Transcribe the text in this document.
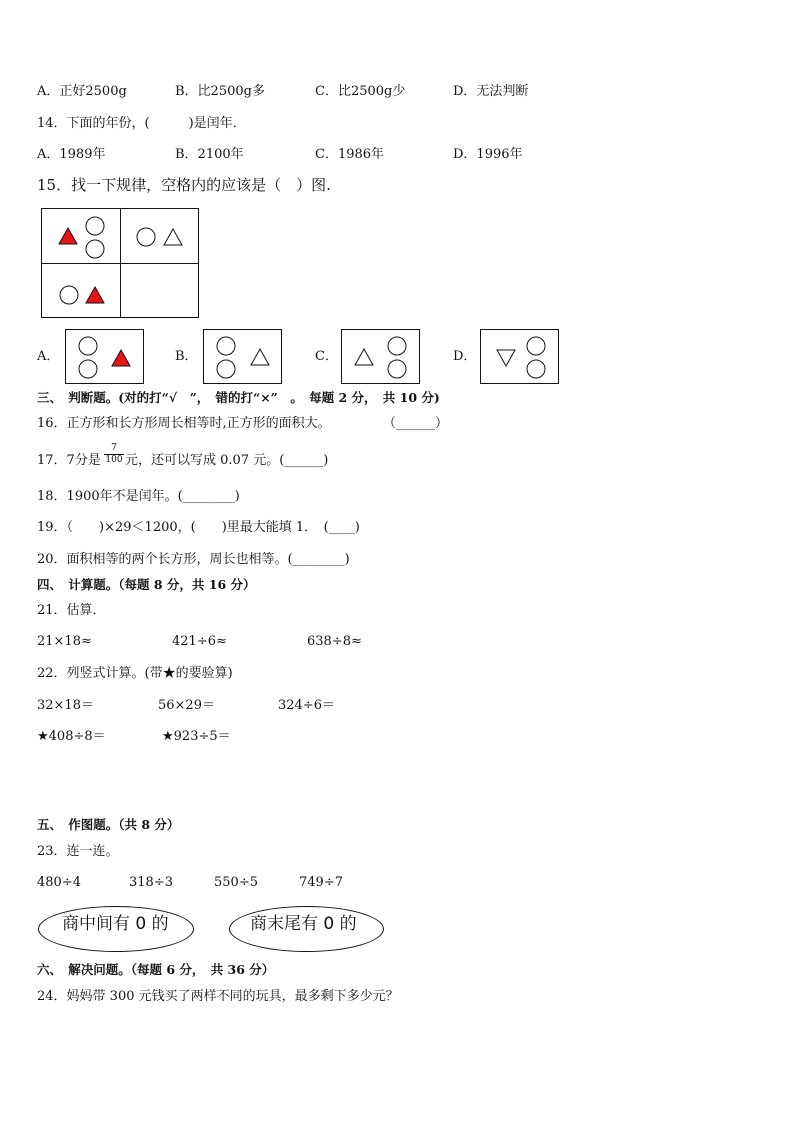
A．正好2500g	B．比2500g多	C．比2500g少	D．无法判断
14．下面的年份，(　　　)是闰年．
A．1989年	B．2100年	C．1986年	D．1996年
15．找一下规律，空格内的应该是（　）图.
A．	B．	C．	D．
三、　判断题。(对的打“√　”，　错的打“×”　。　每题 2 分，　共 10 分)
16．正方形和长方形周长相等时,正方形的面积大。	（______）
17．7分是
7
100 元，还可以写成 0.07 元。(______)
18．1900年不是闰年。(________)
19．（　　)×29＜1200，(　　)里最大能填 1．　(____)
20．面积相等的两个长方形，周长也相等。(________)
四、　计算题。（每题 8 分，共 16 分）
21．估算．
21×18≈	421÷6≈	638÷8≈
22．列竖式计算。(带★的要验算)
32×18＝	56×29＝	324÷6＝
★408÷8＝	★923÷5＝
五、　作图题。（共 8 分）
23．连一连。
480÷4	318÷3	550÷5	749÷7
商中间有 0 的	商末尾有 0 的
六、　解决问题。（每题 6 分，　共 36 分）
24．妈妈带 300 元钱买了两样不同的玩具，最多剩下多少元？
